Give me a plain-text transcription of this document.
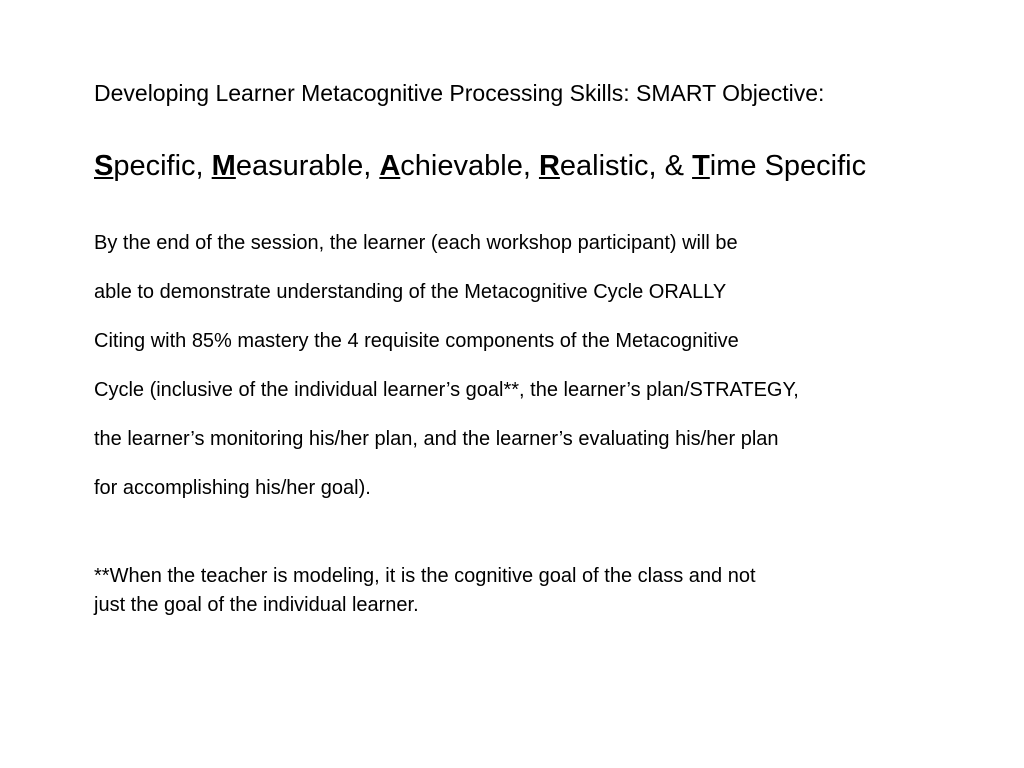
Developing Learner Metacognitive Processing Skills: SMART Objective:
Specific, Measurable, Achievable, Realistic, & Time Specific
By the end of the session, the learner (each workshop participant) will be
able to demonstrate understanding of the Metacognitive Cycle ORALLY
Citing with 85% mastery the 4 requisite components of the Metacognitive
Cycle (inclusive of the individual learner’s goal**, the learner’s plan/STRATEGY,
the learner’s monitoring his/her plan, and the learner’s evaluating his/her plan
for accomplishing his/her goal).
**When the teacher is modeling, it is the cognitive goal of the class and not
just the goal of the individual learner.
